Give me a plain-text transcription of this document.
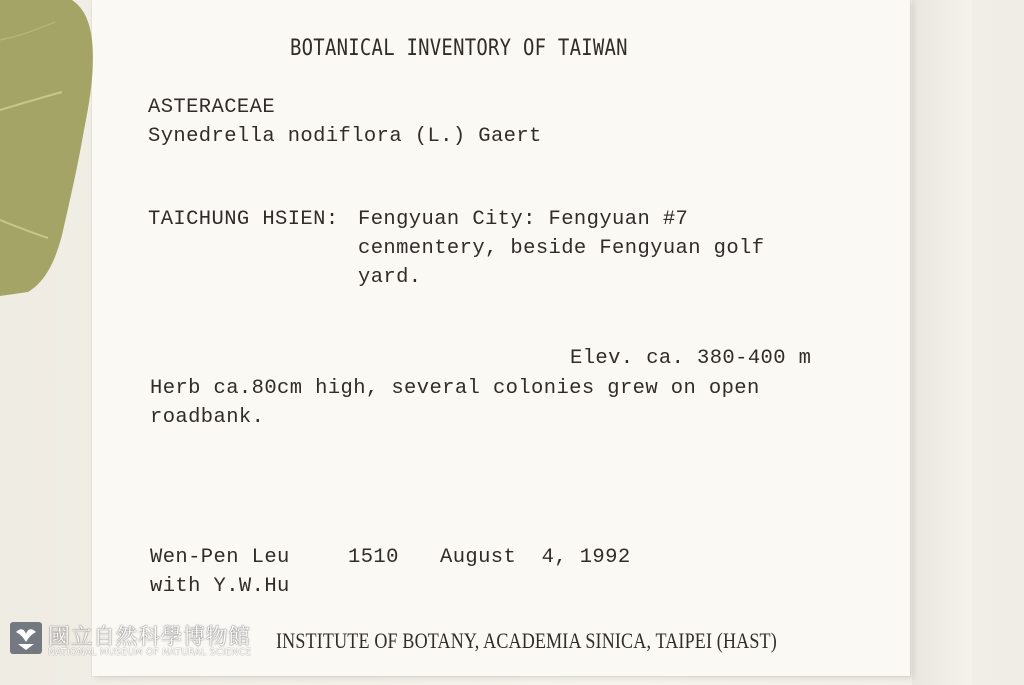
BOTANICAL INVENTORY OF TAIWAN
ASTERACEAE
Synedrella nodiflora (L.) Gaert
TAICHUNG HSIEN: Fengyuan City: Fengyuan #7
cenmentery, beside Fengyuan golf
yard.
Elev. ca. 380-400 m
Herb ca.80cm high, several colonies grew on open
roadbank.
Wen-Pen Leu	1510 August  4, 1992
with Y.W.Hu
INSTITUTE OF BOTANY, ACADEMIA SINICA, TAIPEI (HAST)
國立自然科學博物館
NATIONAL MUSEUM OF NATURAL SCIENCE
